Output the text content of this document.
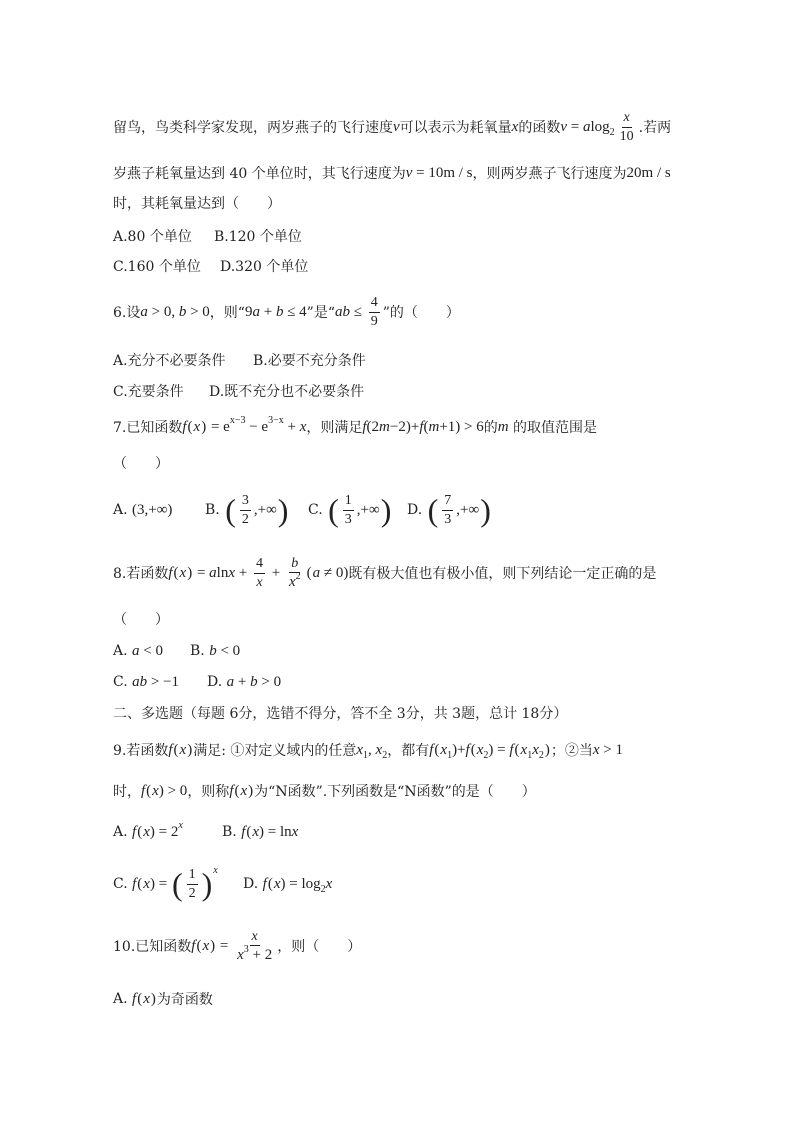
留鸟，鸟类科学家发现，两岁燕子的飞行速度 v 可以表示为耗氧量 x 的函数 v = a $\log 2 \frac{x}{10}$ .若两
岁燕子耗氧量达到 40 个单位时，其飞行速度为 v = 10m / s ，则两岁燕子飞行速度为 20m / s
时，其耗氧量达到（　　）
A.80 个单位 B.120 个单位
C.160 个单位 D.320 个单位
6.设 a > 0, b > 0 ，则“ 9 a + b ≤ 4 ”是“ ab ≤ $\frac{4}{9}$ ”的（　　）
A.充分不必要条件 B.必要不充分条件
C.充要条件 D.既不充分也不必要条件
7.已知函数 f ( x ) = e x−3 − e 3−x + x ，则满足 f (2 m −2)+ f ( m +1) > 6 的 m 的取值范围是
（　　）
A. ( 3,+∞ ) B. ( $\frac{3}{2}$ ,+∞ ) C. ( $\frac{1}{3}$ ,+∞ ) D. ( $\frac{7}{3}$ ,+∞ )
8.若函数 f ( x ) = a $\ln x + \frac{4}{x} + \frac{b}{x^2}$ ( a ≠ 0) 既有极大值也有极小值，则下列结论一定正确的是
（　　）
A. a < 0 B. b < 0
C. ab > −1 D. a + b > 0
二、多选题（每题 6分，选错不得分，答不全 3分，共 3题，总计 18分）
9.若函数 f ( x ) 满足: ①对定义域内的任意 x 1 , x 2 ，都有 f ( x 1 )+ f ( x 2 ) = f ( x 1 x 2 ) ；②当 x > 1
时， f ( x ) > 0 ，则称 f ( x ) 为“N函数”.下列函数是“N函数”的是（　　）
A. f ( x ) = 2 x	B. f ( x ) = ln x
C. f ( x ) = ( $\frac{1}{2}$ ) x
D. f ( x ) = log 2 x
10.已知函数 f ( x ) = $\frac{x}{x^3 + 2}$ ，则（　　）
A. f ( x ) 为奇函数
